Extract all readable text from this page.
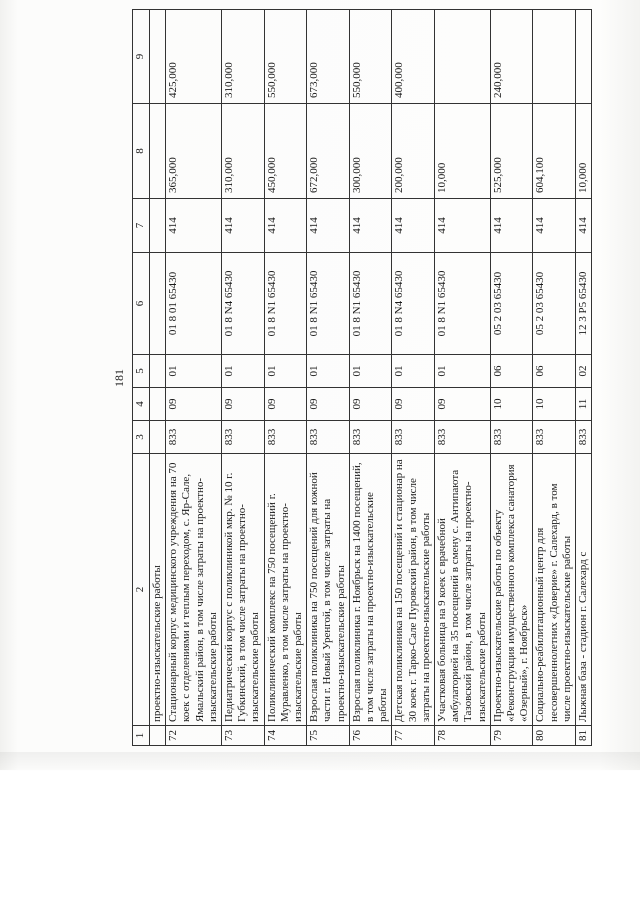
181
1	2	3	4	5	6	7	8	9
	проектно-изыскательские работы							
72	Стационарный корпус медицинского учреждения на 70 коек с отделениями и теплым переходом, с. Яр-Сале, Ямальский район, в том числе затраты на проектно-изыскательские работы	833	09	01	01 8 01 65430	414	365,000	425,000
73	Педиатрический корпус с поликлиникой мкр. № 10 г. Губкинский, в том числе затраты на проектно-изыскательские работы	833	09	01	01 8 N4 65430	414	310,000	310,000
74	Поликлинический комплекс на 750 посещений г. Муравленко, в том числе затраты на проектно-изыскательские работы	833	09	01	01 8 N1 65430	414	450,000	550,000
75	Взрослая поликлиника на 750 посещений для южной части г. Новый Уренгой, в том числе затраты на проектно-изыскательские работы	833	09	01	01 8 N1 65430	414	672,000	673,000
76	Взрослая поликлиника г. Ноябрьск на 1400 посещений, в том числе затраты на проектно-изыскательские работы	833	09	01	01 8 N1 65430	414	300,000	550,000
77	Детская поликлиника на 150 посещений и стационар на 30 коек г. Тарко-Сале Пуровский район, в том числе затраты на проектно-изыскательские работы	833	09	01	01 8 N4 65430	414	200,000	400,000
78	Участковая больница на 9 коек с врачебной амбулаторией на 35 посещений в смену с. Антипаюта Тазовский район, в том числе затраты на проектно-изыскательские работы	833	09	01	01 8 N1 65430	414	10,000	
79	Проектно-изыскательские работы по объекту «Реконструкция имущественного комплекса санатория «Озерный», г. Ноябрьск»	833	10	06	05 2 03 65430	414	525,000	240,000
80	Социально-реабилитационный центр для несовершеннолетних «Доверие» г. Салехард, в том числе проектно-изыскательские работы	833	10	06	05 2 03 65430	414	604,100	
81	Лыжная база - стадион г. Салехард с	833	11	02	12 3 P5 65430	414	10,000	
